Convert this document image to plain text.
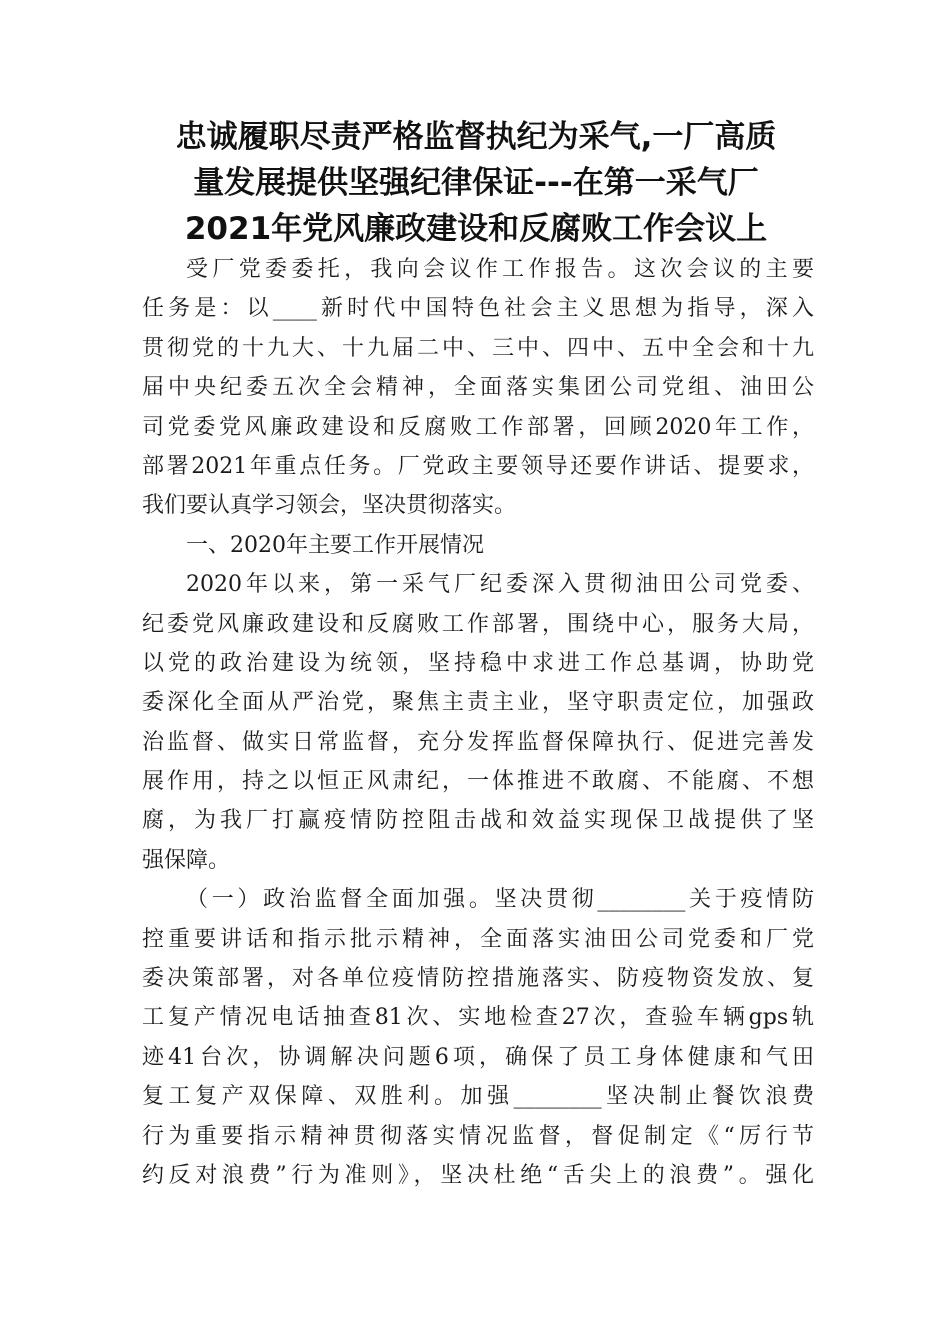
忠诚履职尽责严格监督执纪为采气,一厂高质
量发展提供坚强纪律保证---在第一采气厂
2021年党风廉政建设和反腐败工作会议上
受厂党委委托，我向会议作工作报告。这次会议的主要
任务是：以____新时代中国特色社会主义思想为指导，深入
贯彻党的十九大、十九届二中、三中、四中、五中全会和十九
届中央纪委五次全会精神，全面落实集团公司党组、油田公
司党委党风廉政建设和反腐败工作部署，回顾2020年工作，
部署2021年重点任务。厂党政主要领导还要作讲话、提要求，
我们要认真学习领会，坚决贯彻落实。
一、2020年主要工作开展情况
2020年以来，第一采气厂纪委深入贯彻油田公司党委、
纪委党风廉政建设和反腐败工作部署，围绕中心，服务大局，
以党的政治建设为统领，坚持稳中求进工作总基调，协助党
委深化全面从严治党，聚焦主责主业，坚守职责定位，加强政
治监督、做实日常监督，充分发挥监督保障执行、促进完善发
展作用，持之以恒正风肃纪，一体推进不敢腐、不能腐、不想
腐，为我厂打赢疫情防控阻击战和效益实现保卫战提供了坚
强保障。
（一）政治监督全面加强。坚决贯彻________关于疫情防
控重要讲话和指示批示精神，全面落实油田公司党委和厂党
委决策部署，对各单位疫情防控措施落实、防疫物资发放、复
工复产情况电话抽查81次、实地检查27次，查验车辆gps轨
迹41台次，协调解决问题6项，确保了员工身体健康和气田
复工复产双保障、双胜利。加强________坚决制止餐饮浪费
行为重要指示精神贯彻落实情况监督，督促制定《“厉行节
约反对浪费”行为准则》，坚决杜绝“舌尖上的浪费”。强化
